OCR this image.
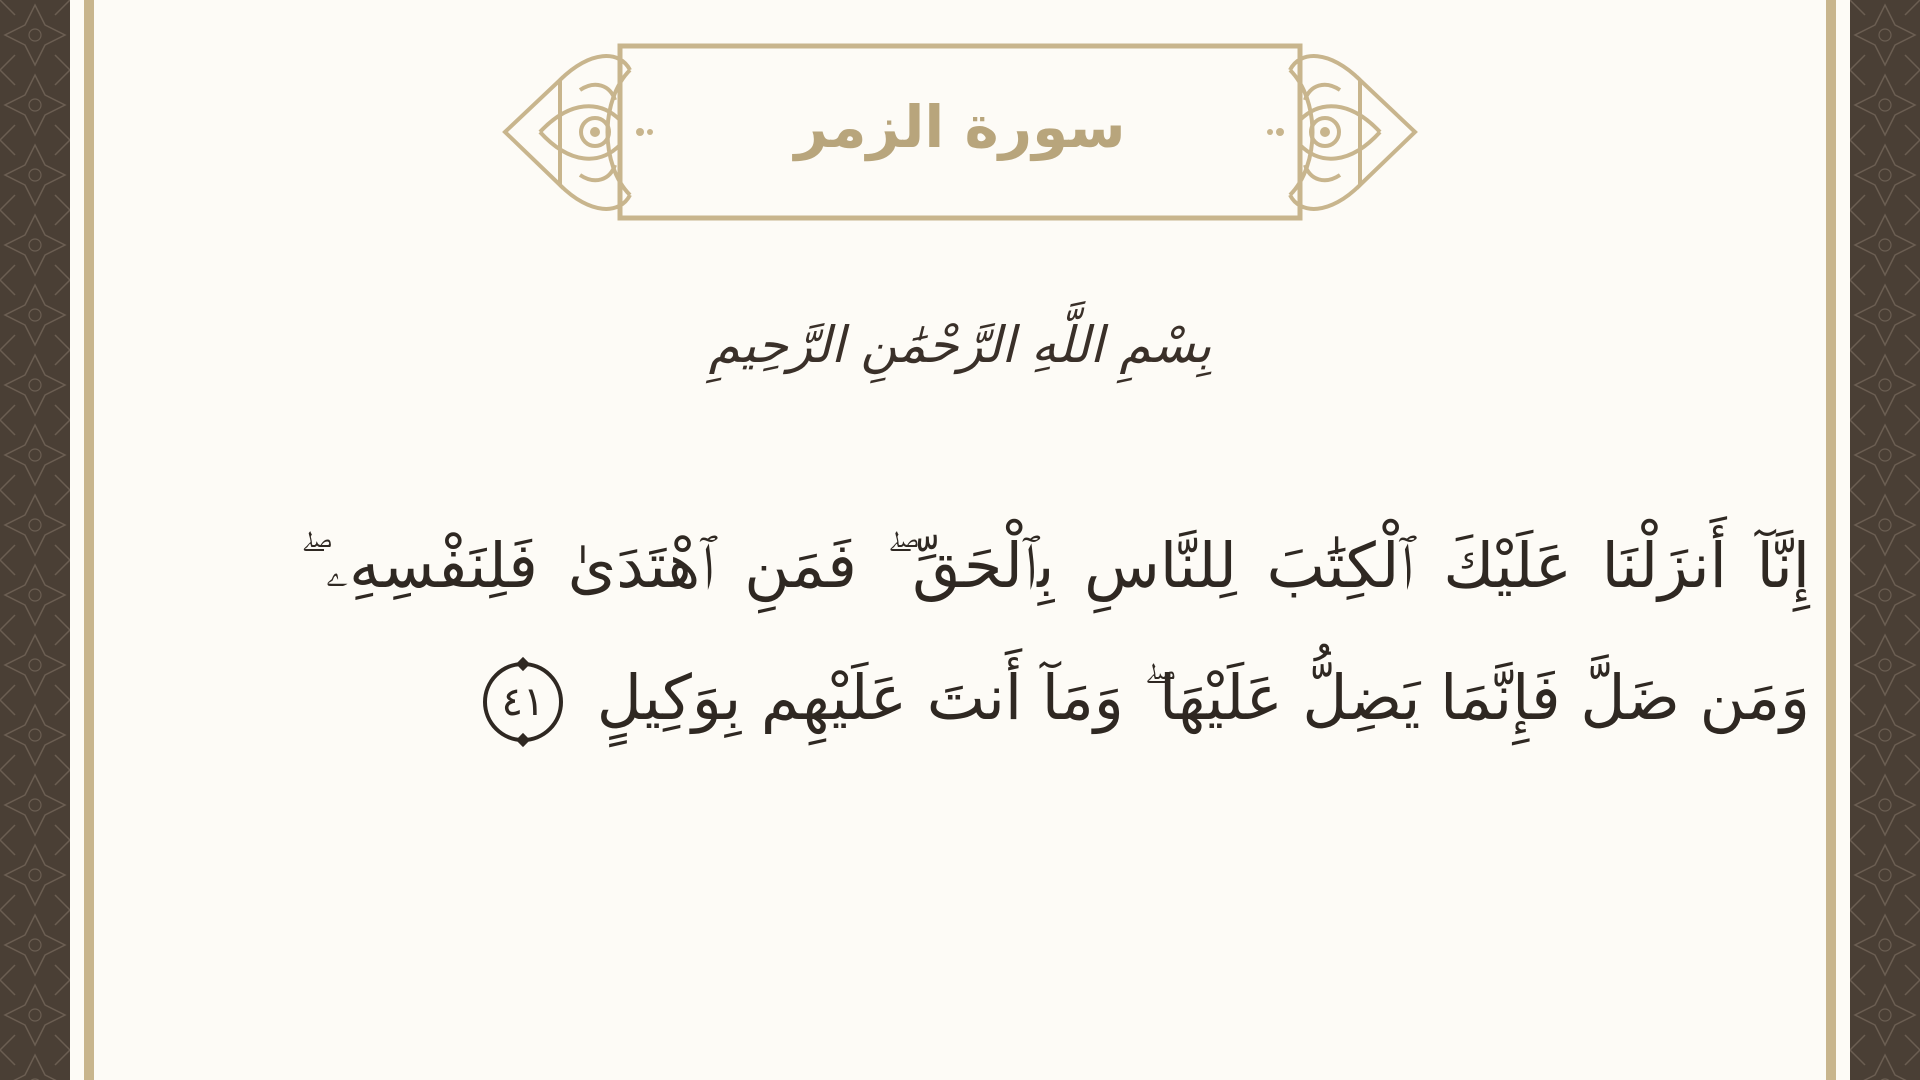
سورة الزمر
بِسْمِ اللَّهِ الرَّحْمَٰنِ الرَّحِيمِ
إِنَّآ أَنزَلْنَا عَلَيْكَ ٱلْكِتَٰبَ لِلنَّاسِ بِٱلْحَقِّ ۖ فَمَنِ ٱهْتَدَىٰ فَلِنَفْسِهِۦ ۖ وَمَن ضَلَّ فَإِنَّمَا يَضِلُّ عَلَيْهَا ۖ وَمَآ أَنتَ عَلَيْهِم بِوَكِيلٍ
٤١
